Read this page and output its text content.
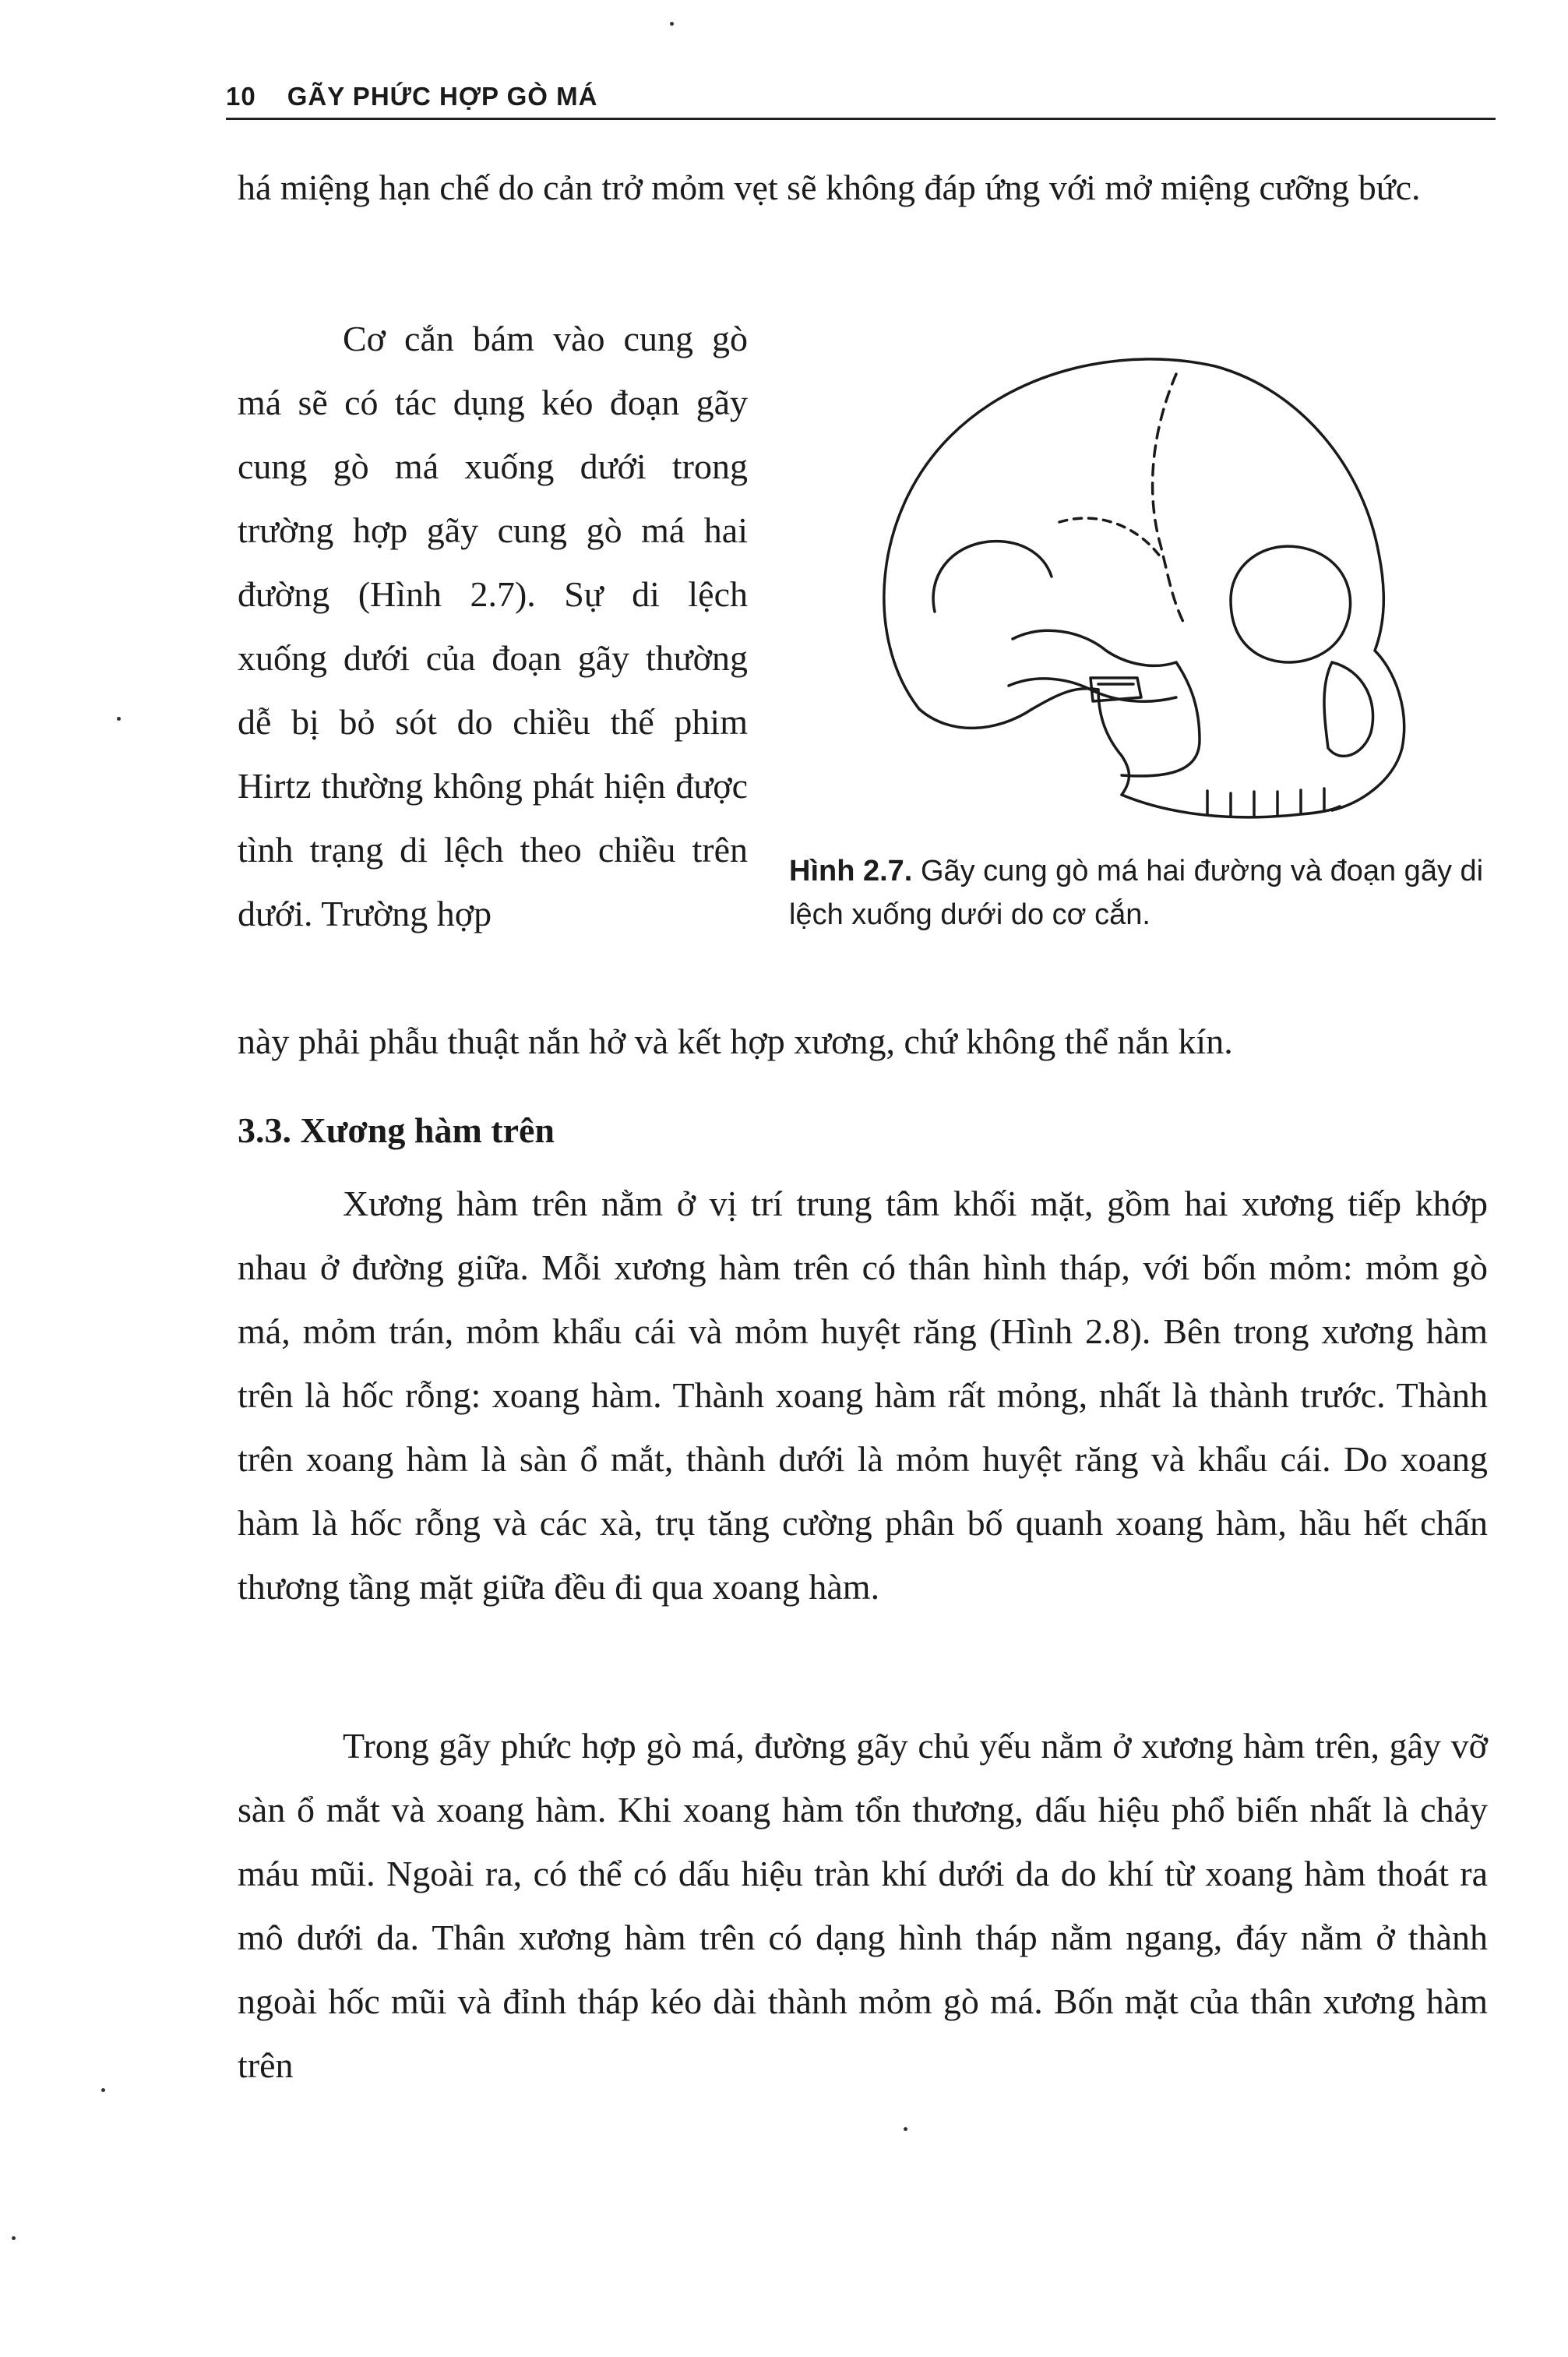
10 GÃY PHỨC HỢP GÒ MÁ

há miệng hạn chế do cản trở mỏm vẹt sẽ không đáp ứng với mở miệng cưỡng bức.

Cơ cắn bám vào cung gò má sẽ có tác dụng kéo đoạn gãy cung gò má xuống dưới trong trường hợp gãy cung gò má hai đường (Hình 2.7). Sự di lệch xuống dưới của đoạn gãy thường dễ bị bỏ sót do chiều thế phim Hirtz thường không phát hiện được tình trạng di lệch theo chiều trên dưới. Trường hợp

này phải phẫu thuật nắn hở và kết hợp xương, chứ không thể nắn kín.

Hình 2.7. Gãy cung gò má hai đường và đoạn gãy di lệch xuống dưới do cơ cắn.

3.3. Xương hàm trên

Xương hàm trên nằm ở vị trí trung tâm khối mặt, gồm hai xương tiếp khớp nhau ở đường giữa. Mỗi xương hàm trên có thân hình tháp, với bốn mỏm: mỏm gò má, mỏm trán, mỏm khẩu cái và mỏm huyệt răng (Hình 2.8). Bên trong xương hàm trên là hốc rỗng: xoang hàm. Thành xoang hàm rất mỏng, nhất là thành trước. Thành trên xoang hàm là sàn ổ mắt, thành dưới là mỏm huyệt răng và khẩu cái. Do xoang hàm là hốc rỗng và các xà, trụ tăng cường phân bố quanh xoang hàm, hầu hết chấn thương tầng mặt giữa đều đi qua xoang hàm.

Trong gãy phức hợp gò má, đường gãy chủ yếu nằm ở xương hàm trên, gây vỡ sàn ổ mắt và xoang hàm. Khi xoang hàm tổn thương, dấu hiệu phổ biến nhất là chảy máu mũi. Ngoài ra, có thể có dấu hiệu tràn khí dưới da do khí từ xoang hàm thoát ra mô dưới da. Thân xương hàm trên có dạng hình tháp nằm ngang, đáy nằm ở thành ngoài hốc mũi và đỉnh tháp kéo dài thành mỏm gò má. Bốn mặt của thân xương hàm trên
